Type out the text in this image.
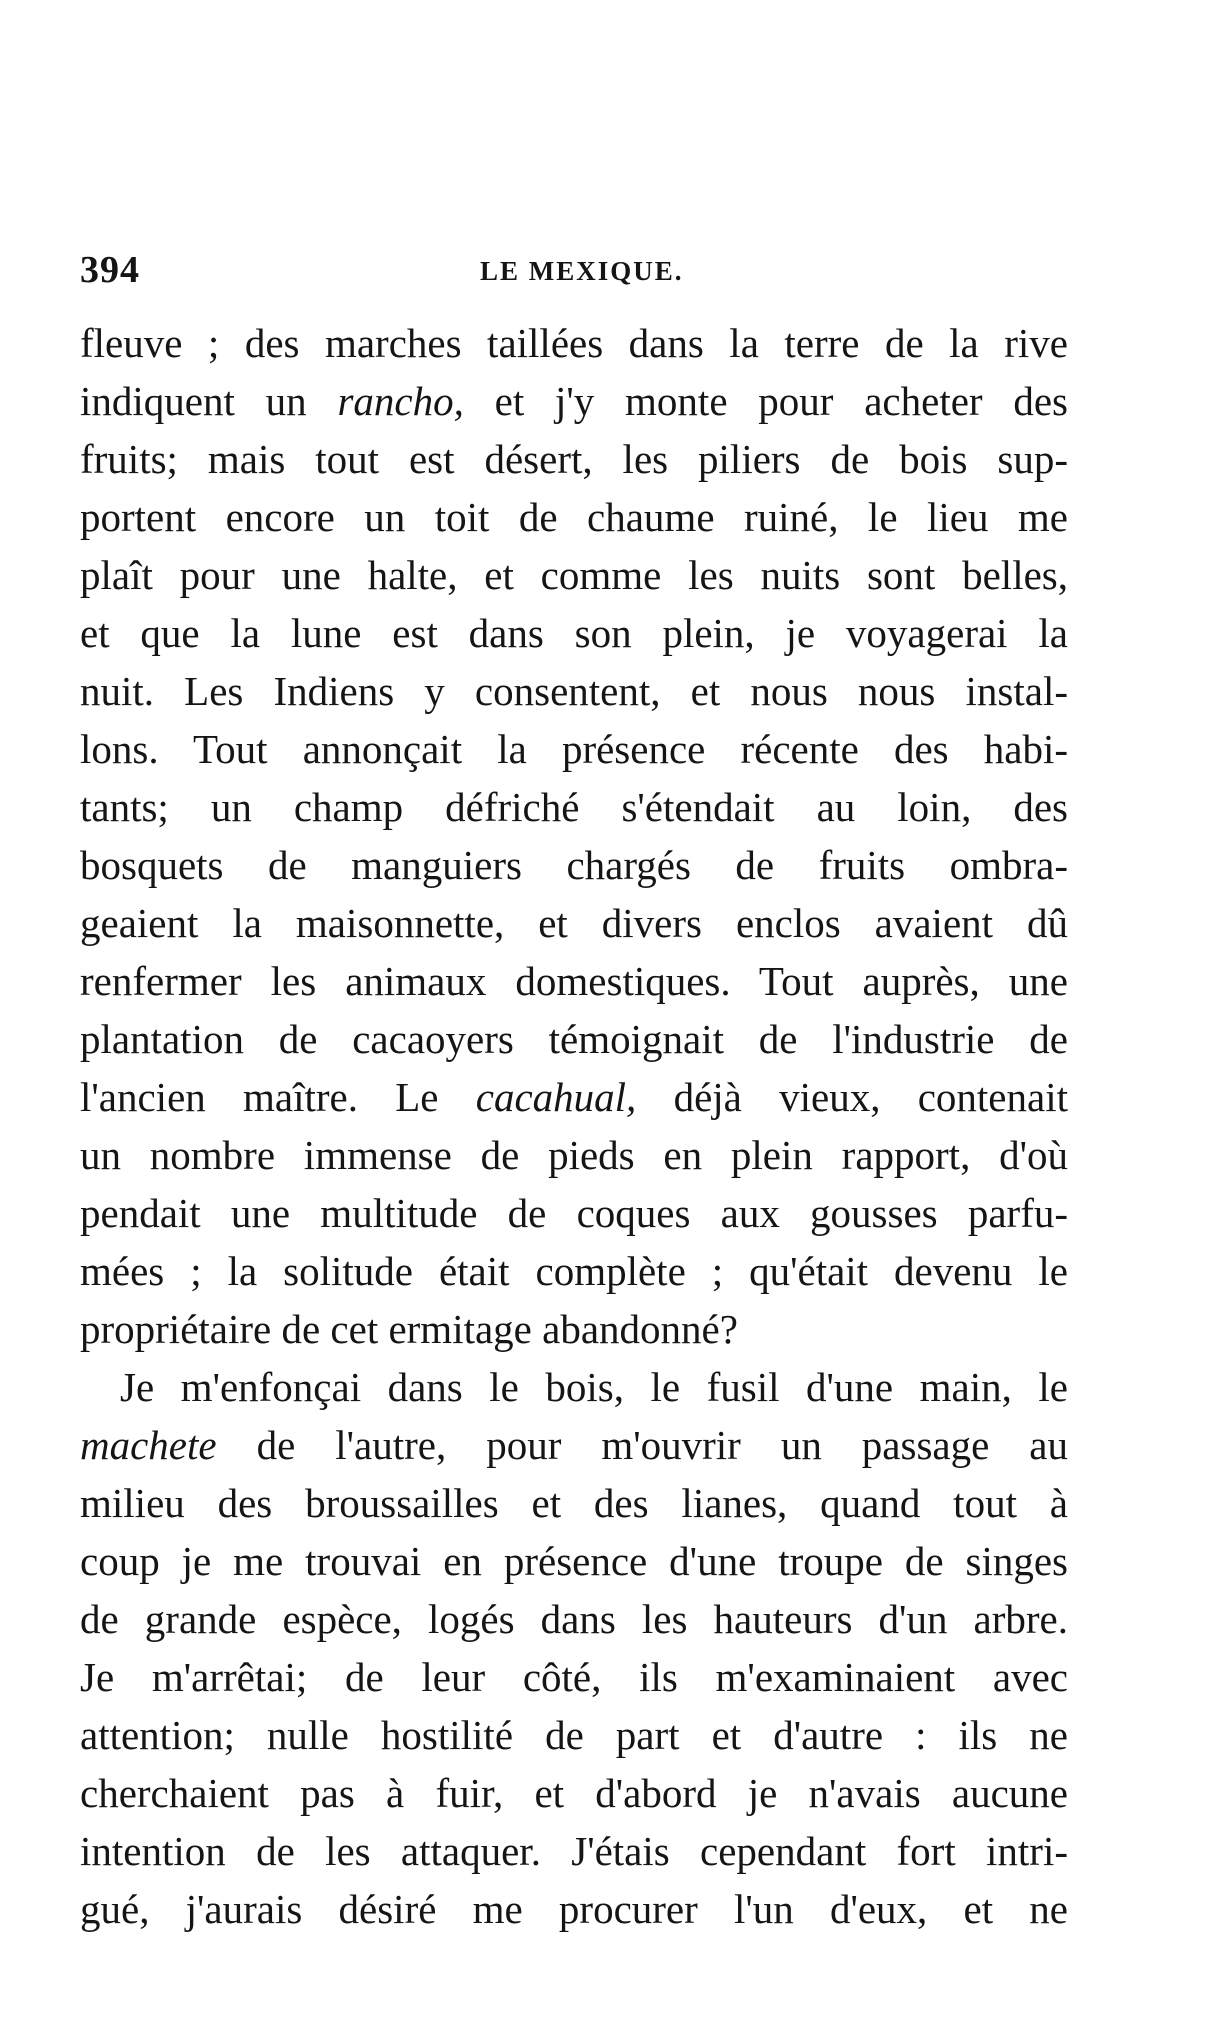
394	LE MEXIQUE.
fleuve ; des marches taillées dans la terre de la rive
indiquent un rancho, et j'y monte pour acheter des
fruits; mais tout est désert, les piliers de bois sup-
portent encore un toit de chaume ruiné, le lieu me
plaît pour une halte, et comme les nuits sont belles,
et que la lune est dans son plein, je voyagerai la
nuit. Les Indiens y consentent, et nous nous instal-
lons. Tout annonçait la présence récente des habi-
tants; un champ défriché s'étendait au loin, des
bosquets de manguiers chargés de fruits ombra-
geaient la maisonnette, et divers enclos avaient dû
renfermer les animaux domestiques. Tout auprès, une
plantation de cacaoyers témoignait de l'industrie de
l'ancien maître. Le cacahual, déjà vieux, contenait
un nombre immense de pieds en plein rapport, d'où
pendait une multitude de coques aux gousses parfu-
mées ; la solitude était complète ; qu'était devenu le
propriétaire de cet ermitage abandonné?
Je m'enfonçai dans le bois, le fusil d'une main, le
machete de l'autre, pour m'ouvrir un passage au
milieu des broussailles et des lianes, quand tout à
coup je me trouvai en présence d'une troupe de singes
de grande espèce, logés dans les hauteurs d'un arbre.
Je m'arrêtai; de leur côté, ils m'examinaient avec
attention; nulle hostilité de part et d'autre : ils ne
cherchaient pas à fuir, et d'abord je n'avais aucune
intention de les attaquer. J'étais cependant fort intri-
gué, j'aurais désiré me procurer l'un d'eux, et ne
